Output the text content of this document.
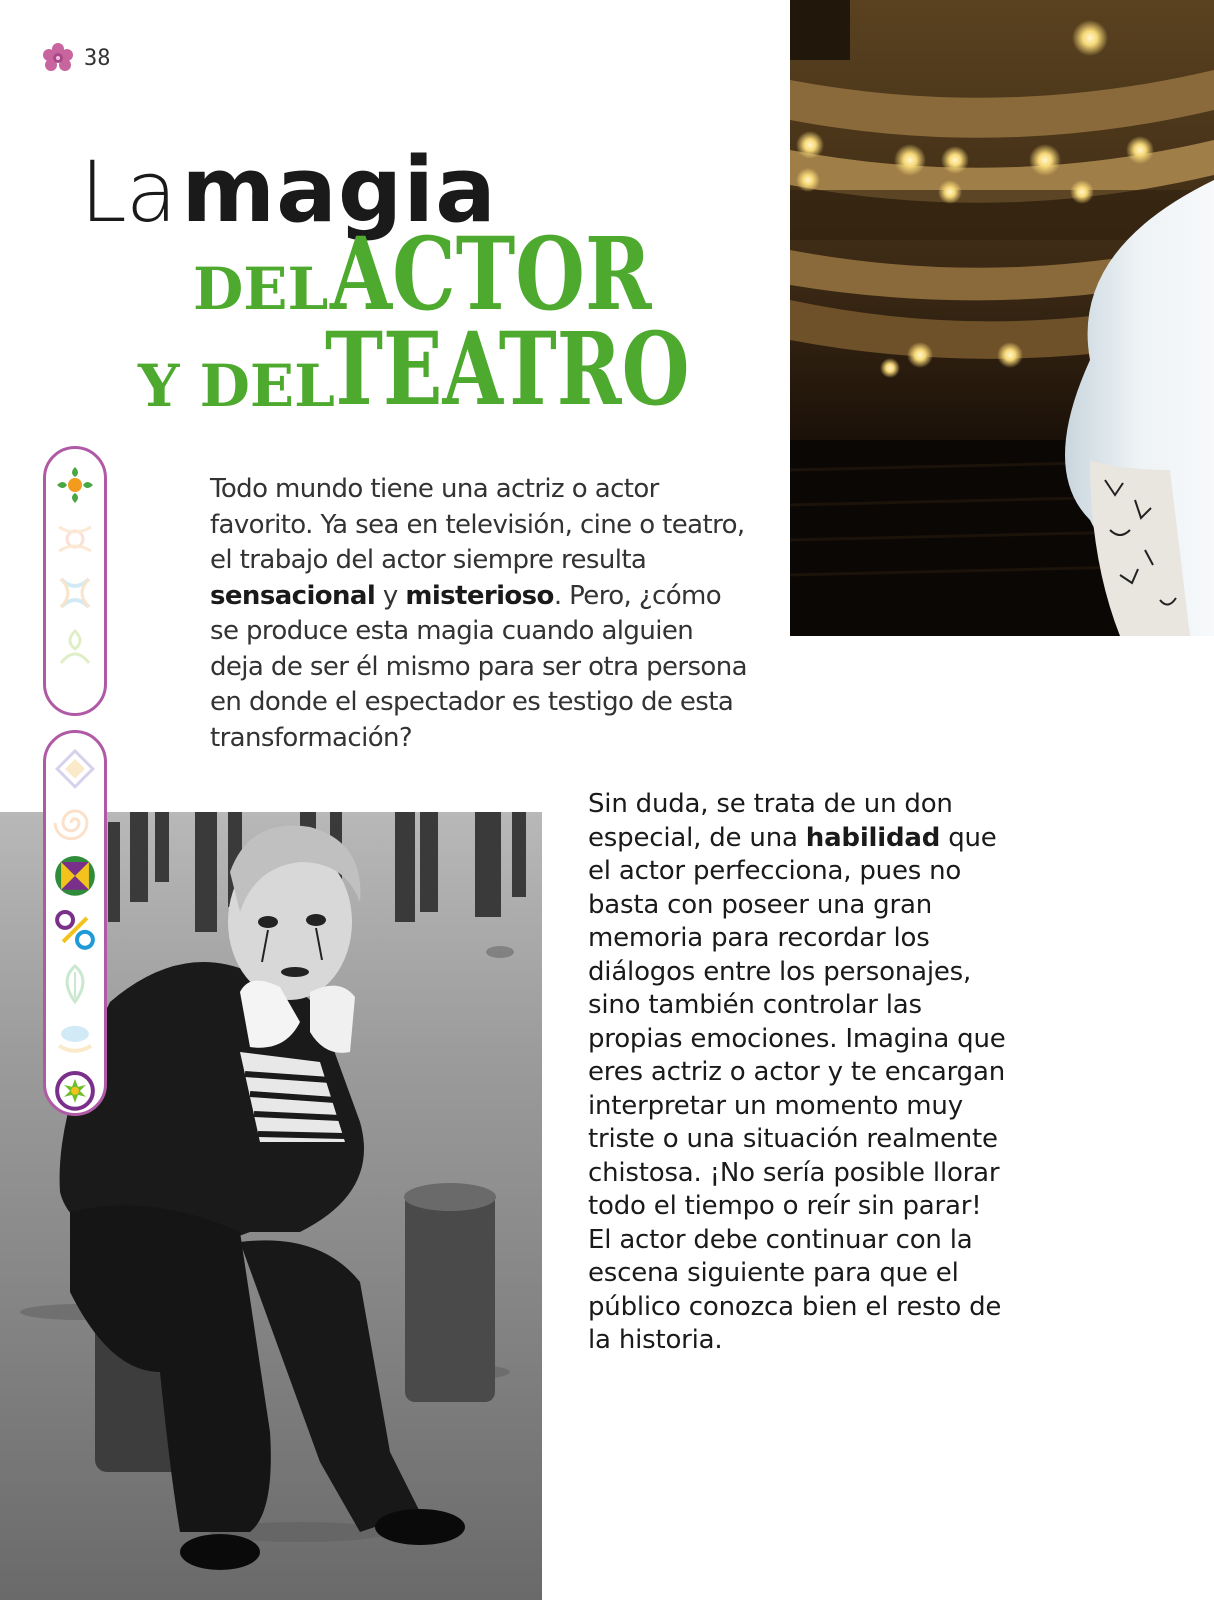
38
La magia
DEL ACTOR
Y DEL
TEATRO

Todo mundo tiene una actriz o actor favorito. Ya sea en televisión, cine o teatro, el trabajo del actor siempre resulta sensacional y misterioso. Pero, ¿cómo se produce esta magia cuando alguien deja de ser él mismo para ser otra persona en donde el espectador es testigo de esta transformación?

Sin duda, se trata de un don especial, de una habilidad que el actor perfecciona, pues no basta con poseer una gran memoria para recordar los diálogos entre los personajes, sino también controlar las propias emociones. Imagina que eres actriz o actor y te encargan interpretar un momento muy triste o una situación realmente chistosa. ¡No sería posible llorar todo el tiempo o reír sin parar! El actor debe continuar con la escena siguiente para que el público conozca bien el resto de la historia.
